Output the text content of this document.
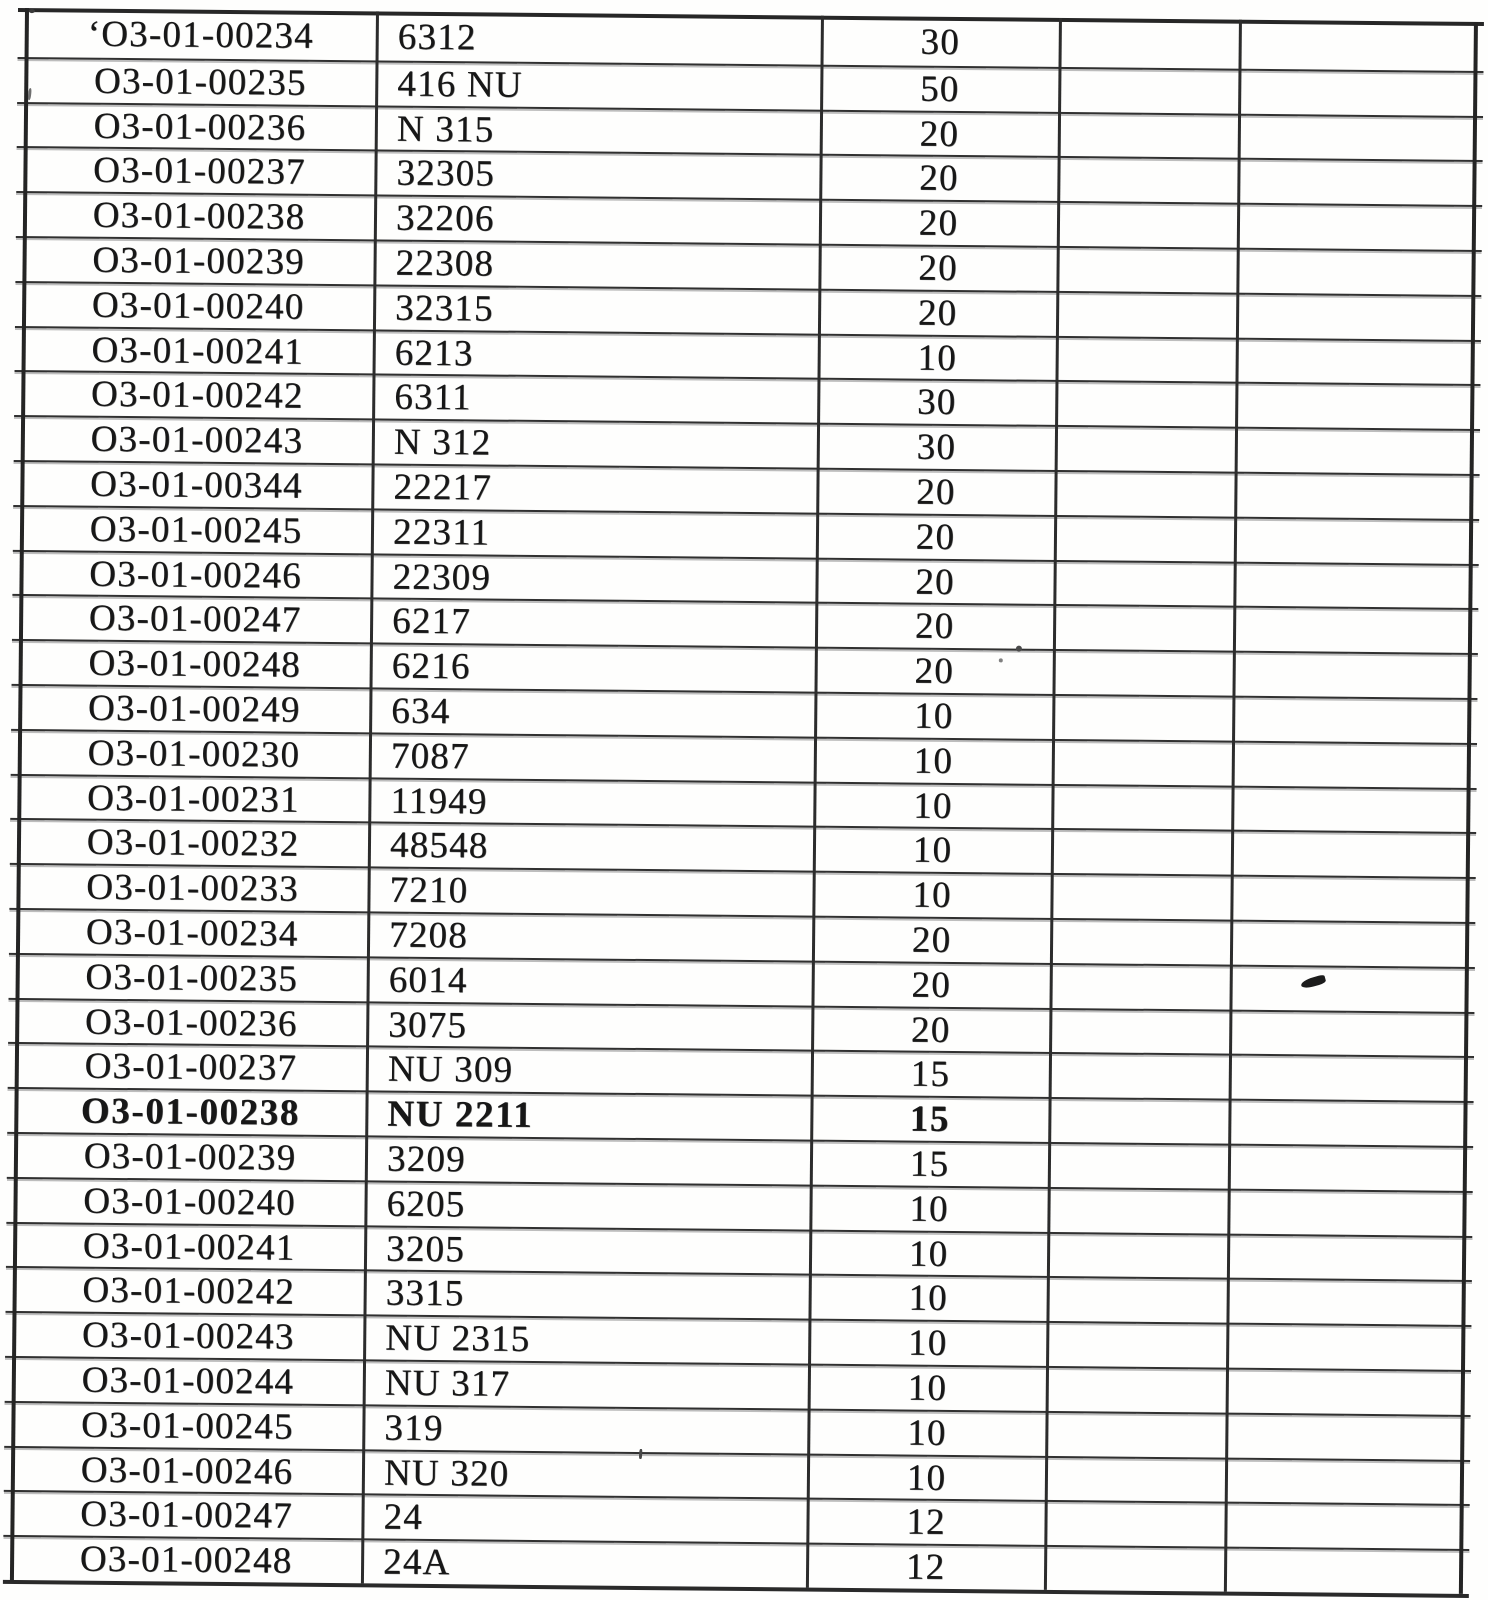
‘O3-01-00234	6312	30
O3-01-00235	416 NU	50
O3-01-00236	N 315	20
O3-01-00237	32305	20
O3-01-00238	32206	20
O3-01-00239	22308	20
O3-01-00240	32315	20
O3-01-00241	6213	10
O3-01-00242	6311	30
O3-01-00243	N 312	30
O3-01-00344	22217	20
O3-01-00245	22311	20
O3-01-00246	22309	20
O3-01-00247	6217	20
O3-01-00248	6216	20
O3-01-00249	634	10
O3-01-00230	7087	10
O3-01-00231	11949	10
O3-01-00232	48548	10
O3-01-00233	7210	10
O3-01-00234	7208	20
O3-01-00235	6014	20
O3-01-00236	3075	20
O3-01-00237	NU 309	15
O3-01-00238	NU 2211	15
O3-01-00239	3209	15
O3-01-00240	6205	10
O3-01-00241	3205	10
O3-01-00242	3315	10
O3-01-00243	NU 2315	10
O3-01-00244	NU 317	10
O3-01-00245	319	10
O3-01-00246	NU 320	10
O3-01-00247	24	12
O3-01-00248	24A	12
